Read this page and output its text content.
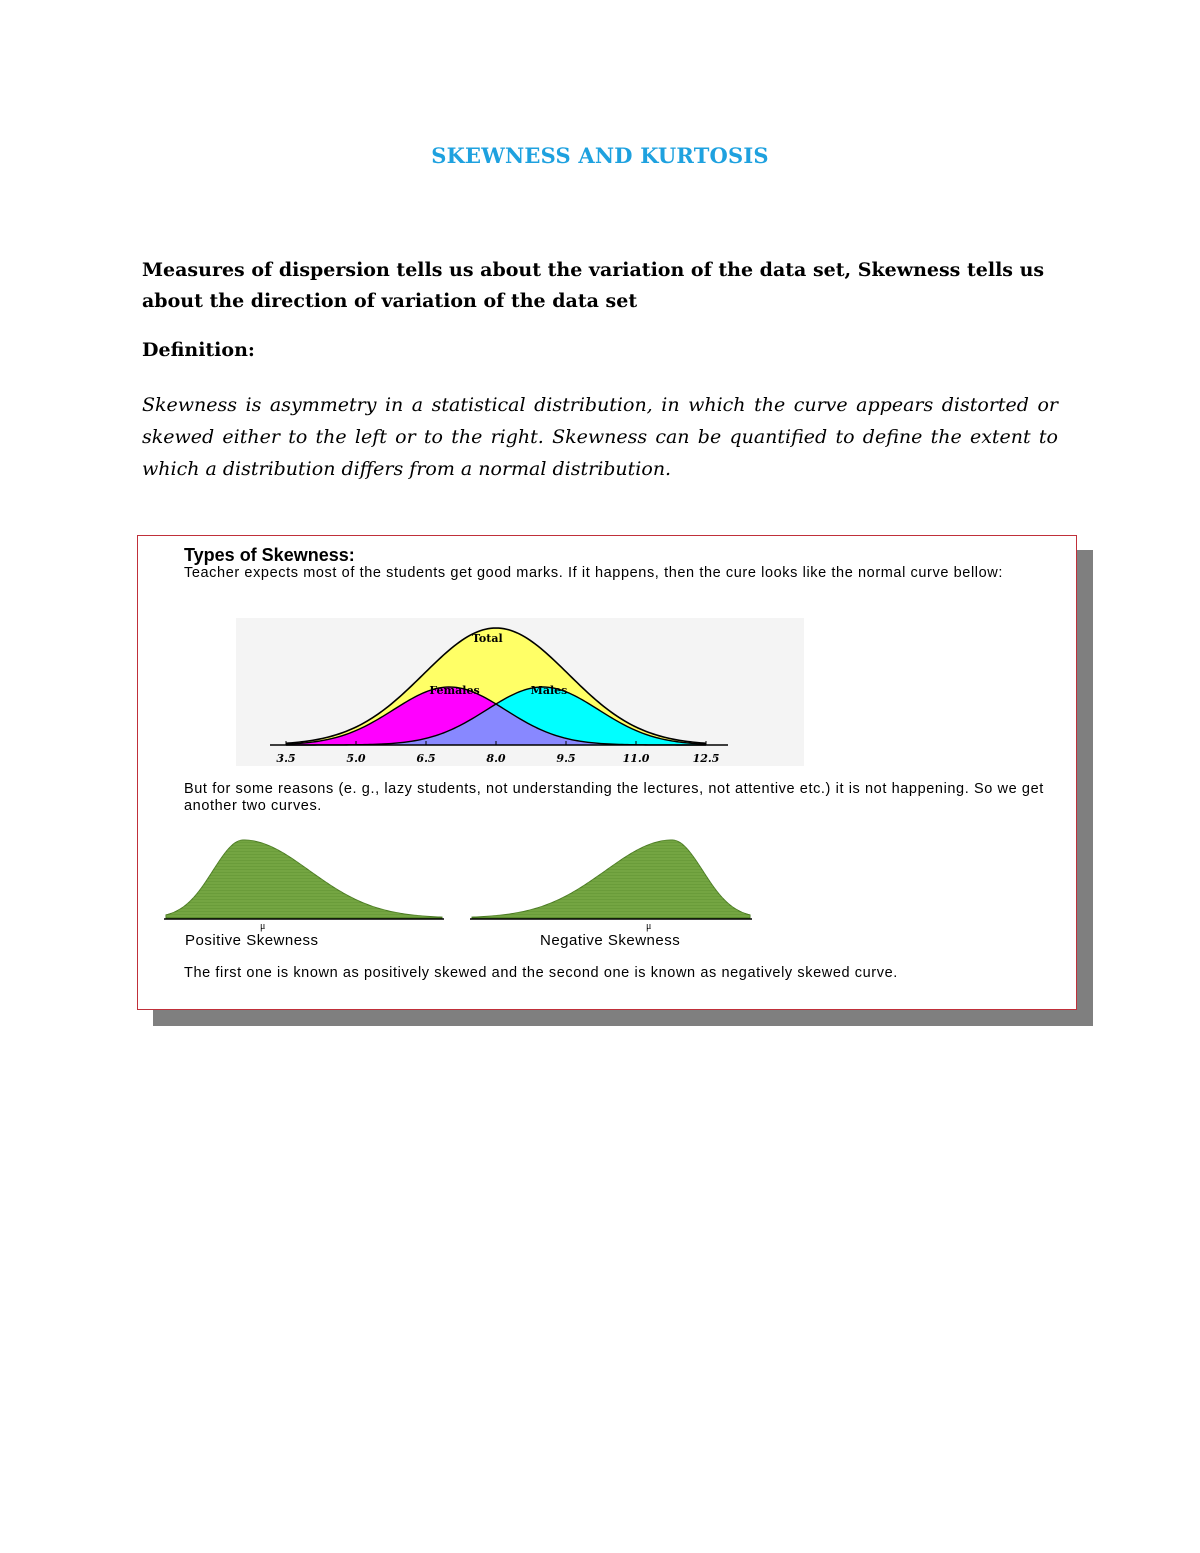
SKEWNESS AND KURTOSIS
Measures of dispersion tells us about the variation of the data set, Skewness tells us about the direction of variation of the data set
Definition:
Skewness is asymmetry in a statistical distribution, in which the curve appears distorted or skewed either to the left or to the right. Skewness can be quantified to define the extent to which a distribution differs from a normal distribution.
Types of Skewness:
Teacher expects most of the students get good marks. If it happens, then the cure looks like the normal curve bellow:
Total
Females	Males
3.5	5.0	6.5	8.0	9.5	11.0	12.5
But for some reasons (e. g., lazy students, not understanding the lectures, not attentive etc.) it is not happening. So we get another two curves.
μ	μ
Positive Skewness	Negative Skewness
The first one is known as positively skewed and the second one is known as negatively skewed curve.
